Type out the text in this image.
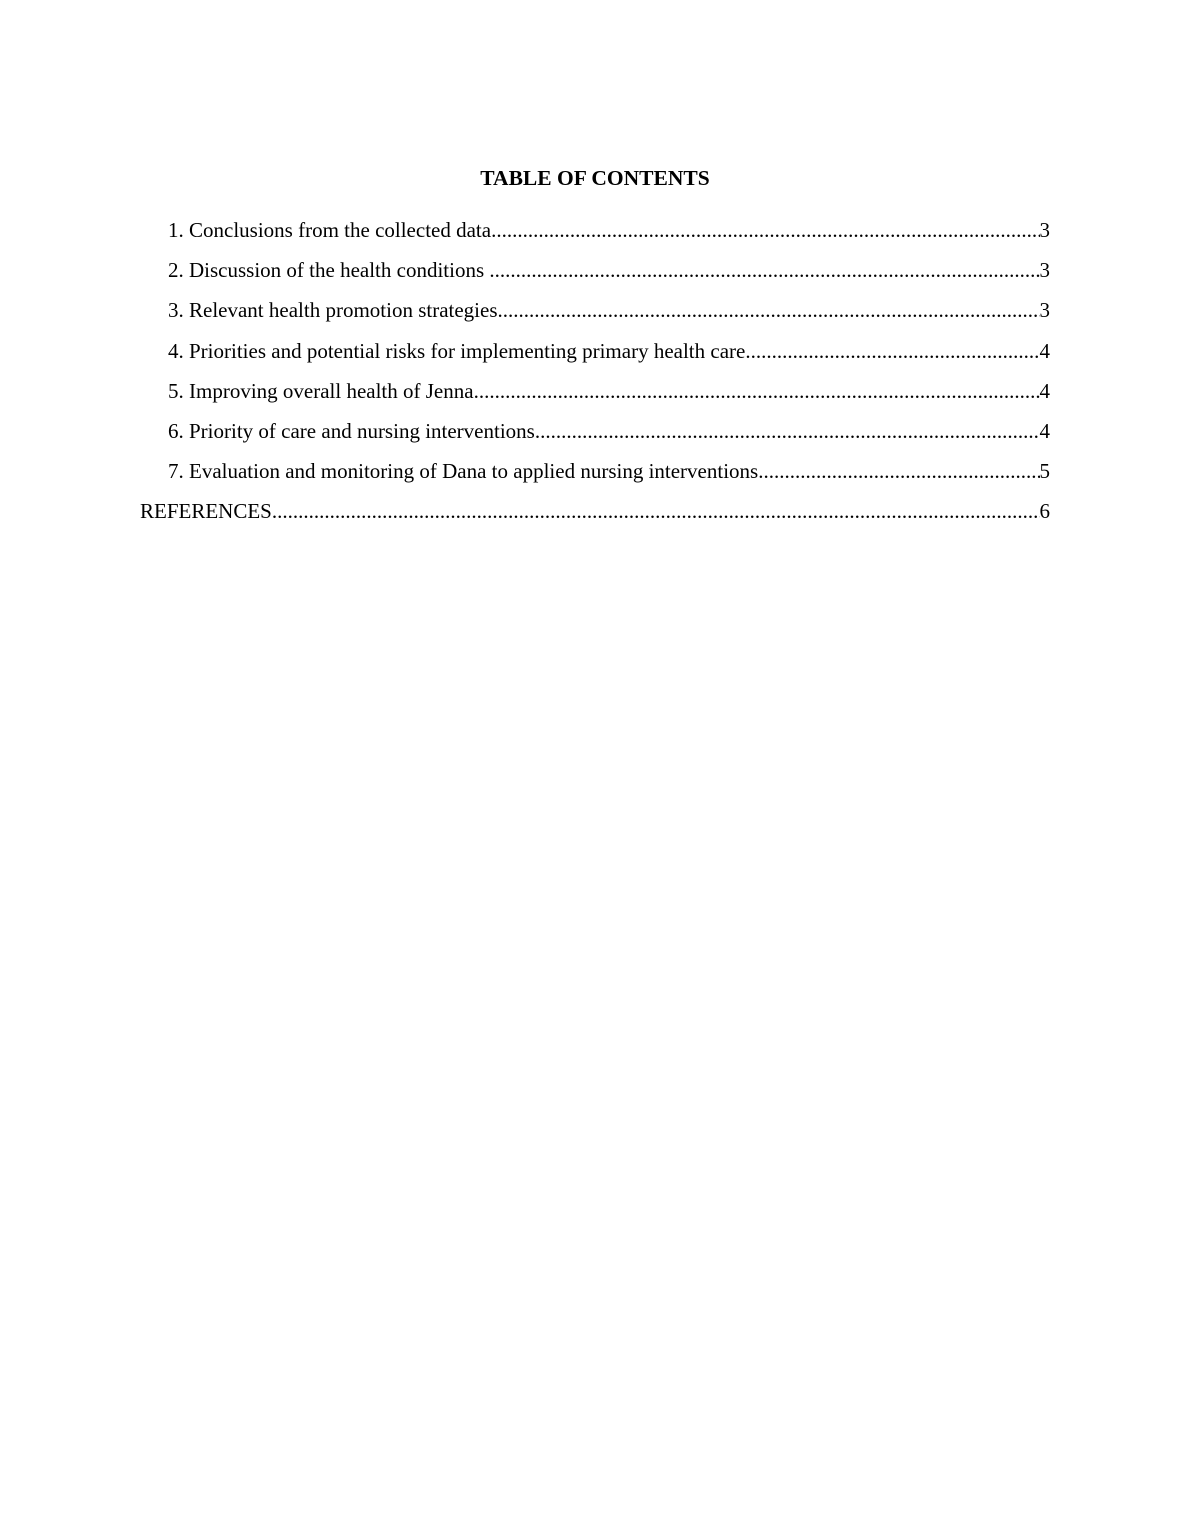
TABLE OF CONTENTS
1. Conclusions from the collected data .....	3
2. Discussion of the health conditions .....	3
3. Relevant health promotion strategies .....	3
4. Priorities and potential risks for implementing primary health care .....	4
5. Improving overall health of Jenna .....	4
6. Priority of care and nursing interventions .....	4
7. Evaluation and monitoring of Dana to applied nursing interventions .....	5
REFERENCES .....	6
